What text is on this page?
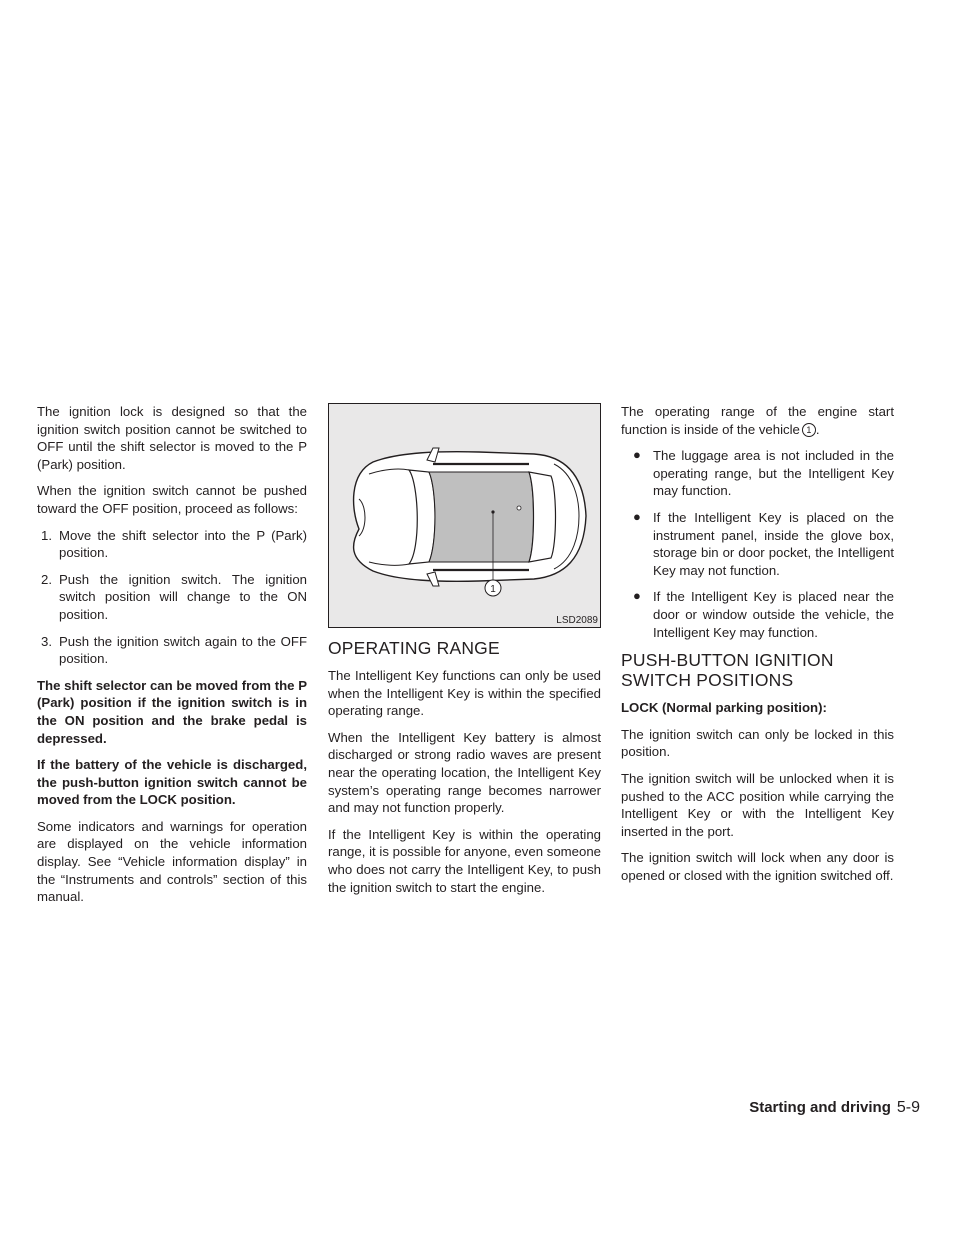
The ignition lock is designed so that the ignition switch position cannot be switched to OFF until the shift selector is moved to the P (Park) position.

When the ignition switch cannot be pushed toward the OFF position, proceed as follows:

1. Move the shift selector into the P (Park) position.
2. Push the ignition switch. The ignition switch position will change to the ON position.
3. Push the ignition switch again to the OFF position.

The shift selector can be moved from the P (Park) position if the ignition switch is in the ON position and the brake pedal is depressed.

If the battery of the vehicle is discharged, the push-button ignition switch cannot be moved from the LOCK position.

Some indicators and warnings for operation are displayed on the vehicle information display. See “Vehicle information display” in the “Instruments and controls” section of this manual.

1
LSD2089
OPERATING RANGE

The Intelligent Key functions can only be used when the Intelligent Key is within the specified operating range.

When the Intelligent Key battery is almost discharged or strong radio waves are present near the operating location, the Intelligent Key system’s operating range becomes narrower and may not function properly.

If the Intelligent Key is within the operating range, it is possible for anyone, even someone who does not carry the Intelligent Key, to push the ignition switch to start the engine.

The operating range of the engine start function is inside of the vehicle 1 .

● The luggage area is not included in the operating range, but the Intelligent Key may function.
● If the Intelligent Key is placed on the instrument panel, inside the glove box, storage bin or door pocket, the Intelligent Key may not function.
● If the Intelligent Key is placed near the door or window outside the vehicle, the Intelligent Key may function.
PUSH-BUTTON IGNITION SWITCH POSITIONS

LOCK (Normal parking position):

The ignition switch can only be locked in this position.

The ignition switch will be unlocked when it is pushed to the ACC position while carrying the Intelligent Key or with the Intelligent Key inserted in the port.

The ignition switch will lock when any door is opened or closed with the ignition switched off.

Starting and driving 5-9
